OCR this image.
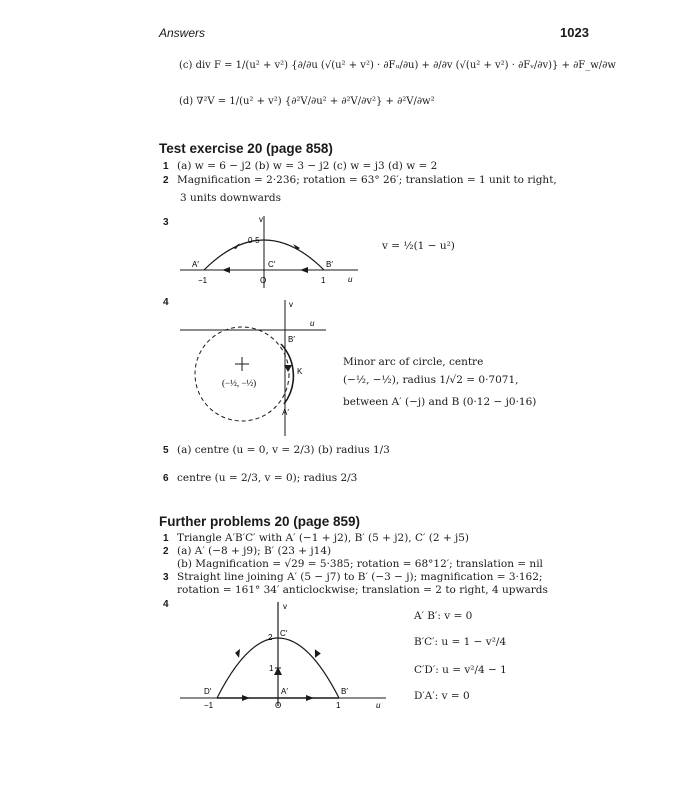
Answers	1023
(c) div F = 1/(u² + v²) {∂/∂u (√(u² + v²) · ∂Fᵤ/∂u) + ∂/∂v (√(u² + v²) · ∂Fᵥ/∂v)} + ∂F_w/∂w
(d) ∇²V = 1/(u² + v²) {∂²V/∂u² + ∂²V/∂v²} + ∂²V/∂w²
Test exercise 20 (page 858)
1 (a) w = 6 − j2 (b) w = 3 − j2 (c) w = j3 (d) w = 2
2 Magnification = 2·236; rotation = 63° 26′; translation = 1 unit to right,
3 units downwards
3	v
u
0·5
A′	C′	B′
−1	O	1
v = ½(1 − u²)
4	v
u
B′
K
A′
(−½, −½)
Minor arc of circle, centre
(−½, −½), radius 1/√2 = 0·7071,
between A′ (−j) and B (0·12 − j0·16)
5 (a) centre (u = 0, v = 2/3) (b) radius 1/3
6 centre (u = 2/3, v = 0); radius 2/3
Further problems 20 (page 859)
1 Triangle A′B′C′ with A′ (−1 + j2), B′ (5 + j2), C′ (2 + j5)
2 (a) A′ (−8 + j9); B′ (23 + j14)
(b) Magnification = √29 = 5·385; rotation = 68°12′; translation = nil
3 Straight line joining A′ (5 − j7) to B′ (−3 − j); magnification = 3·162;
rotation = 161° 34′ anticlockwise; translation = 2 to right, 4 upwards
4	v
u
2 C′
1
D′	A′	B′
−1	O	1
A′ B′: v = 0
B′C′: u = 1 − v²/4
C′D′: u = v²/4 − 1
D′A′: v = 0
